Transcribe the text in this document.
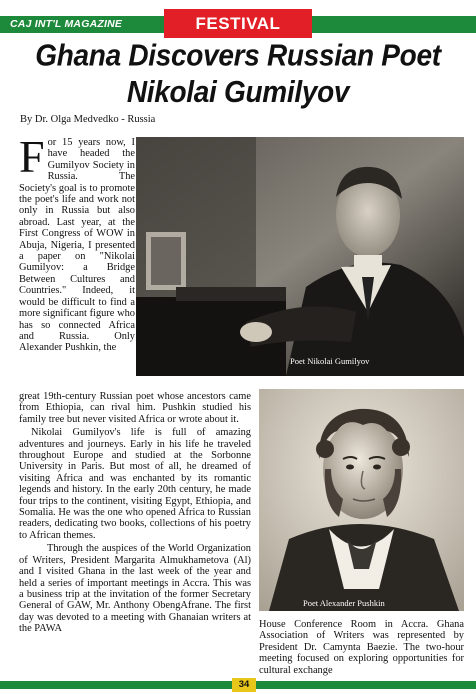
CAJ INT'L MAGAZINE	FESTIVAL
Ghana Discovers Russian Poet Nikolai Gumilyov
By Dr. Olga Medvedko - Russia

For 15 years now, I have headed the Gumilyov Society in Russia. The Society's goal is to promote the poet's life and work not only in Russia but also abroad. Last year, at the First Congress of WOW in Abuja, Nigeria, I presented a paper on "Nikolai Gumilyov: a Bridge Between Cultures and Countries." Indeed, it would be difficult to find a more significant figure who has so connected Africa and Russia. Only Alexander Pushkin, the

Poet Nikolai Gumilyov

great 19th-century Russian poet whose ancestors came from Ethiopia, can rival him. Pushkin studied his family tree but never visited Africa or wrote about it.

Nikolai Gumilyov's life is full of amazing adventures and journeys. Early in his life he traveled throughout Europe and studied at the Sorbonne University in Paris. But most of all, he dreamed of visiting Africa and was enchanted by its romantic legends and history. In the early 20th century, he made four trips to the continent, visiting Egypt, Ethiopia, and Somalia. He was the one who opened Africa to Russian readers, dedicating two books, collections of his poetry to African themes.

Through the auspices of the World Organization of Writers, President Margarita Almukhametova (Al) and I visited Ghana in the last week of the year and held a series of important meetings in Accra. This was a business trip at the invitation of the former Secretary General of GAW, Mr. Anthony ObengAfrane. The first day was devoted to a meeting with Ghanaian writers at the PAWA

Poet Alexander Pushkin

House Conference Room in Accra. Ghana Association of Writers was represented by President Dr. Camynta Baezie. The two-hour meeting focused on exploring opportunities for cultural exchange

34
